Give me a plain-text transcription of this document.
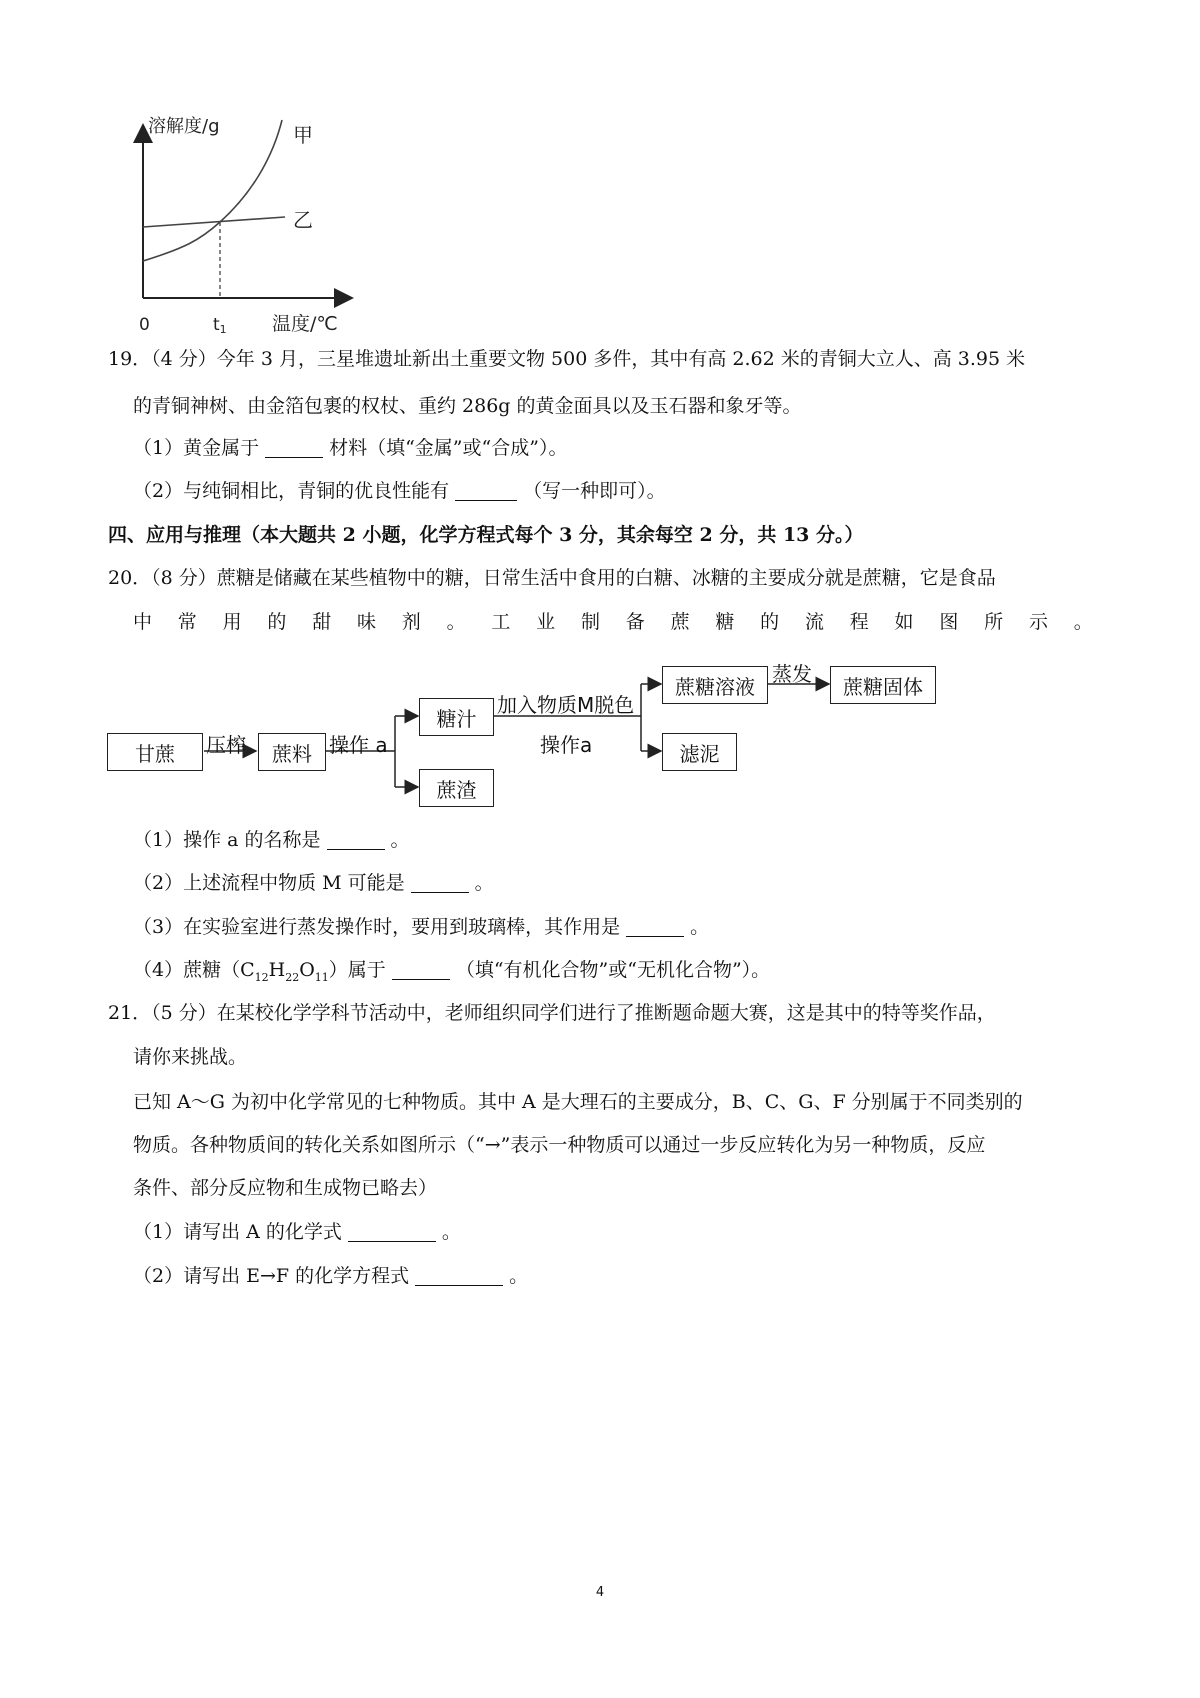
溶解度/g
温度/℃
0	t1
甲
乙
19．（4 分）今年 3 月，三星堆遗址新出土重要文物 500 多件，其中有高 2.62 米的青铜大立人、高 3.95 米
的青铜神树、由金箔包裹的权杖、重约 286g 的黄金面具以及玉石器和象牙等。
（1）黄金属于	材料（填“金属”或“合成”）。
（2）与纯铜相比，青铜的优良性能有	（写一种即可）。
四、应用与推理（本大题共 2 小题，化学方程式每个 3 分，其余每空 2 分，共 13 分。）
20．（8 分）蔗糖是储藏在某些植物中的糖，日常生活中食用的白糖、冰糖的主要成分就是蔗糖，它是食品
中 常 用 的 甜 味 剂 。 工 业 制 备 蔗 糖 的 流 程 如 图 所 示 。
甘蔗	压榨	蔗料 操作 a
糖汁
蔗渣
加入物质M脱色
操作a
蔗糖溶液
蒸发
蔗糖固体
滤泥
（1）操作 a 的名称是	。
（2）上述流程中物质 M 可能是	。
（3）在实验室进行蒸发操作时，要用到玻璃棒，其作用是	。
（4）蔗糖$(C_{12}H_{22}O_{11})$属于	（填“有机化合物”或“无机化合物”）。
21．（5 分）在某校化学学科节活动中，老师组织同学们进行了推断题命题大赛，这是其中的特等奖作品，
请你来挑战。
已知 A～G 为初中化学常见的七种物质。其中 A 是大理石的主要成分，B、C、G、F 分别属于不同类别的
物质。各种物质间的转化关系如图所示（“→”表示一种物质可以通过一步反应转化为另一种物质，反应
条件、部分反应物和生成物已略去）
（1）请写出 A 的化学式	。
（2）请写出 E→F 的化学方程式	。
4
